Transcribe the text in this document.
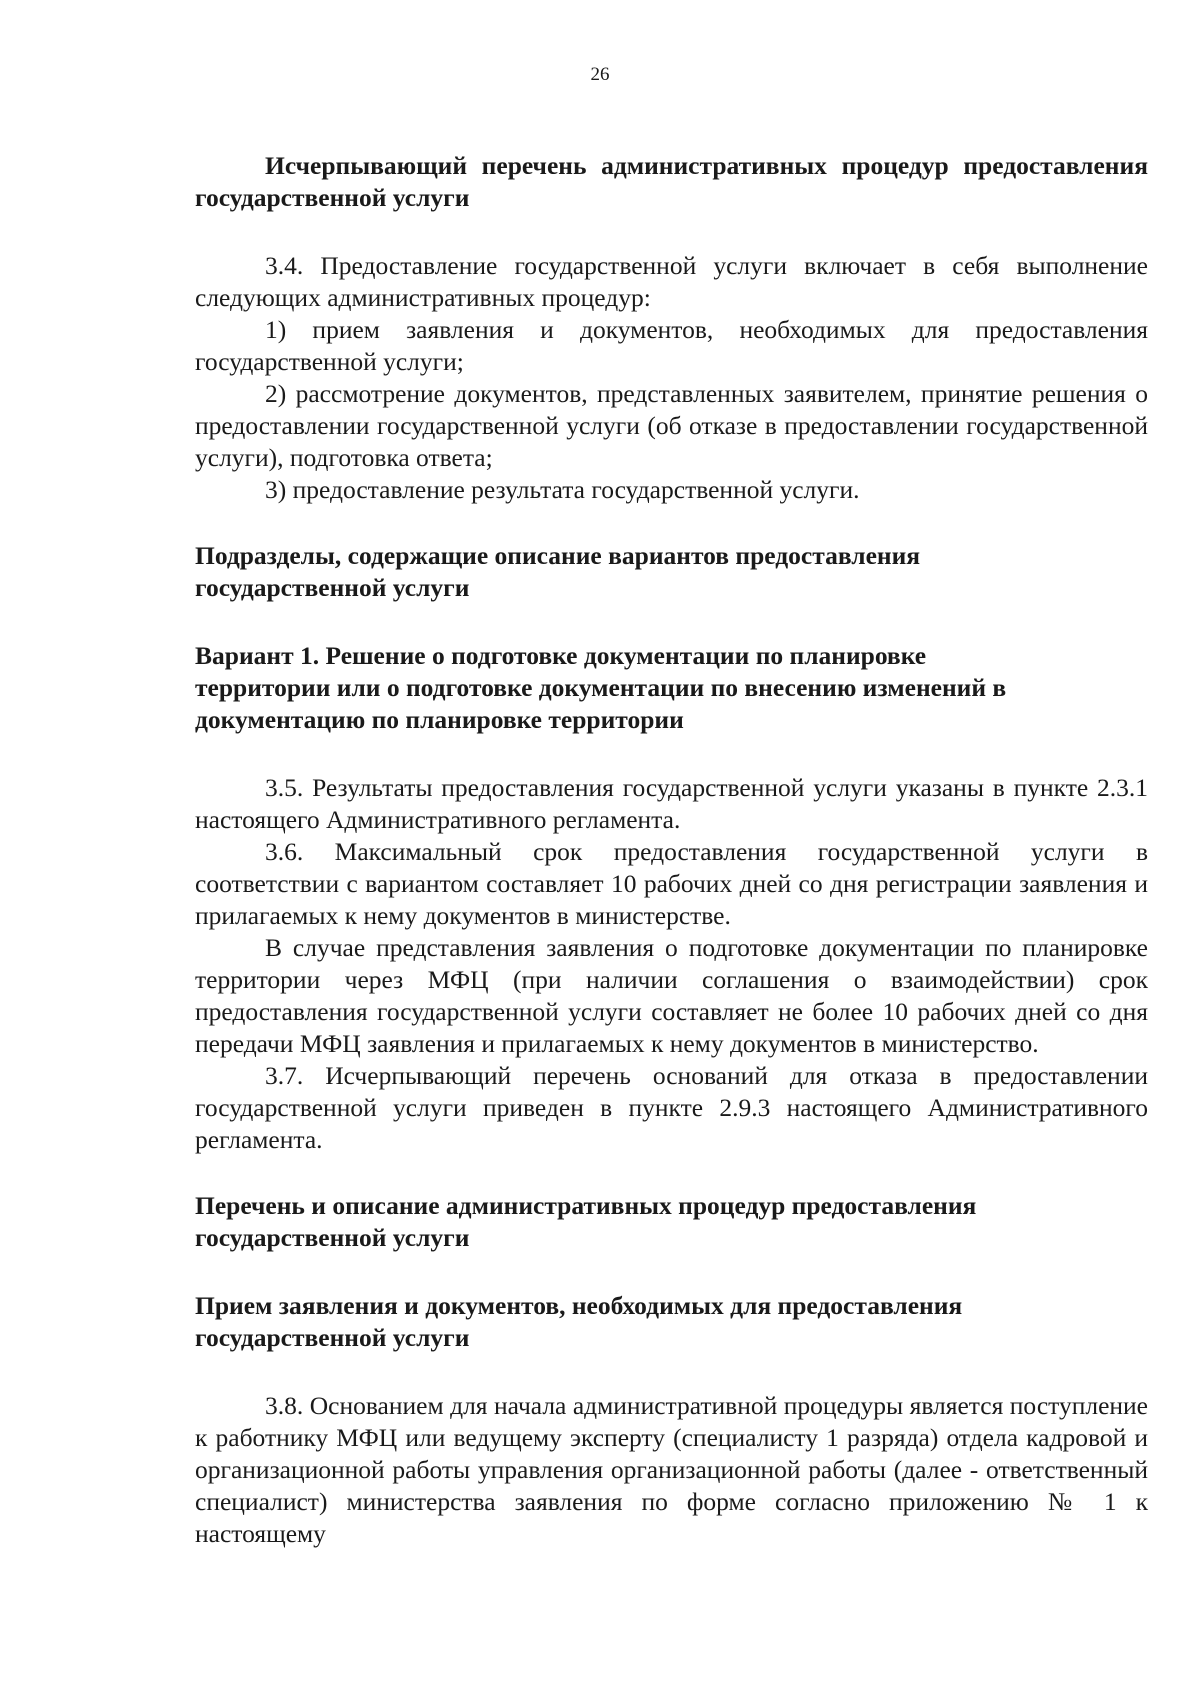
26

Исчерпывающий перечень административных процедур предоставления государственной услуги

3.4. Предоставление государственной услуги включает в себя выполнение следующих административных процедур:

1) прием заявления и документов, необходимых для предоставления государственной услуги;

2) рассмотрение документов, представленных заявителем, принятие решения о предоставлении государственной услуги (об отказе в предоставлении государственной услуги), подготовка ответа;

3) предоставление результата государственной услуги.

Подразделы, содержащие описание вариантов предоставления

государственной услуги

Вариант 1. Решение о подготовке документации по планировке

территории или о подготовке документации по внесению изменений в

документацию по планировке территории

3.5. Результаты предоставления государственной услуги указаны в пункте 2.3.1 настоящего Административного регламента.

3.6. Максимальный срок предоставления государственной услуги в соответствии с вариантом составляет 10 рабочих дней со дня регистрации заявления и прилагаемых к нему документов в министерстве.

В случае представления заявления о подготовке документации по планировке территории через МФЦ (при наличии соглашения о взаимодействии) срок предоставления государственной услуги составляет не более 10 рабочих дней со дня передачи МФЦ заявления и прилагаемых к нему документов в министерство.

3.7. Исчерпывающий перечень оснований для отказа в предоставлении государственной услуги приведен в пункте 2.9.3 настоящего Административного регламента.

Перечень и описание административных процедур предоставления

государственной услуги

Прием заявления и документов, необходимых для предоставления

государственной услуги

3.8. Основанием для начала административной процедуры является поступление к работнику МФЦ или ведущему эксперту (специалисту 1 разряда) отдела кадровой и организационной работы управления организационной работы (далее - ответственный специалист) министерства заявления по форме согласно приложению № 1 к настоящему
